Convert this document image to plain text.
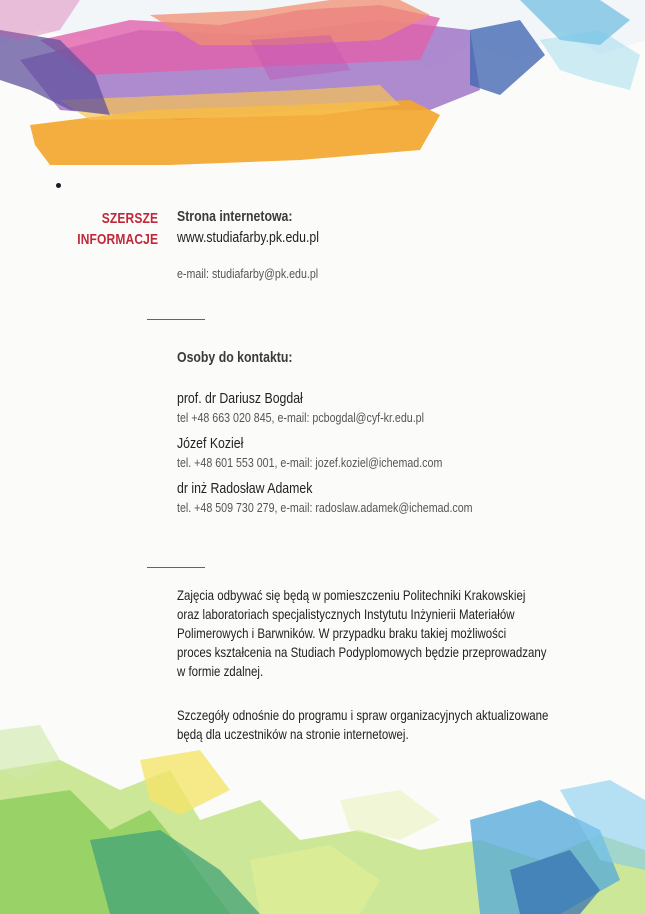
SZERSZE
INFORMACJE
Strona internetowa:
www.studiafarby.pk.edu.pl
e-mail: studiafarby@pk.edu.pl
Osoby do kontaktu:
prof. dr Dariusz Bogdał
tel +48 663 020 845, e-mail: pcbogdal@cyf-kr.edu.pl
Józef Kozieł
tel. +48 601 553 001, e-mail: jozef.koziel@ichemad.com
dr inż Radosław Adamek
tel. +48 509 730 279, e-mail: radoslaw.adamek@ichemad.com
Zajęcia odbywać się będą w pomieszczeniu Politechniki Krakowskiej
oraz laboratoriach specjalistycznych Instytutu Inżynierii Materiałów
Polimerowych i Barwników. W przypadku braku takiej możliwości
proces kształcenia na Studiach Podyplomowych będzie przeprowadzany
w formie zdalnej.
Szczegóły odnośnie do programu i spraw organizacyjnych aktualizowane
będą dla uczestników na stronie internetowej.
